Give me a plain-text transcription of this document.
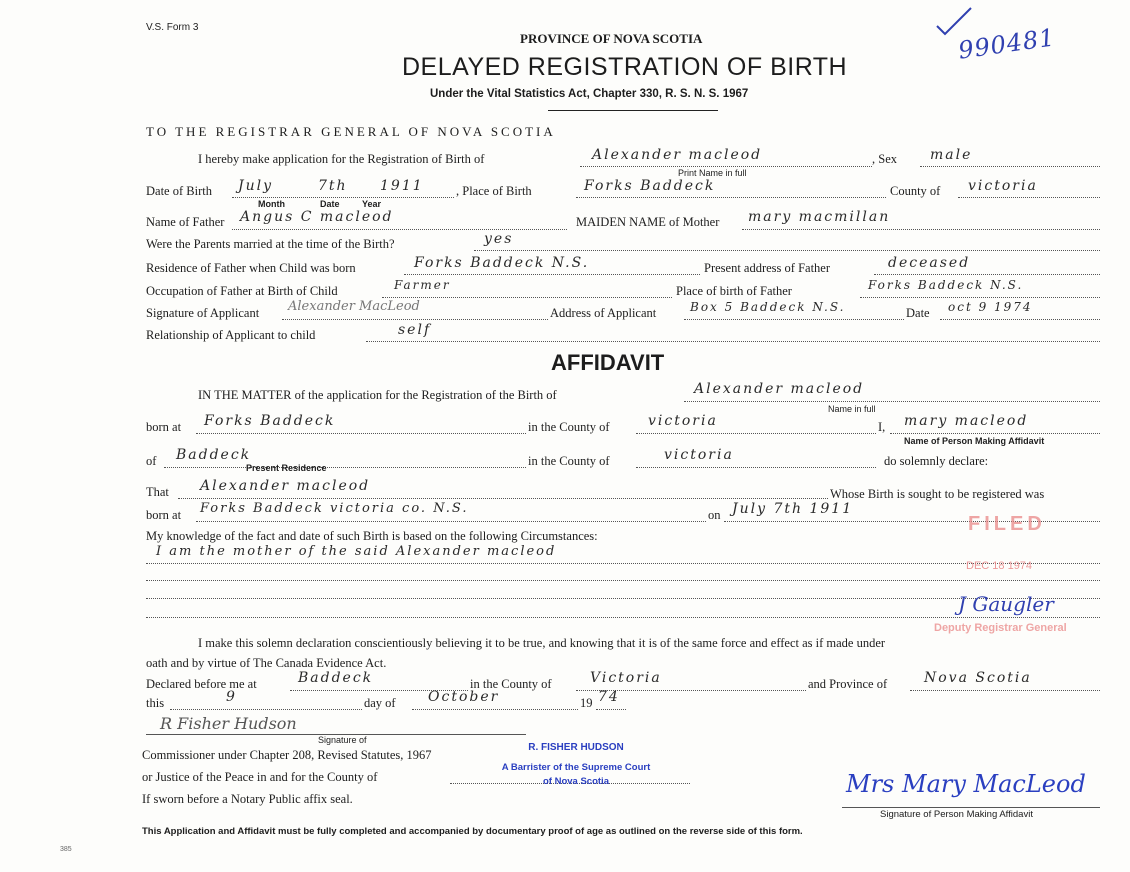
V.S. Form 3
PROVINCE OF NOVA SCOTIA
DELAYED REGISTRATION OF BIRTH
Under the Vital Statistics Act, Chapter 330, R. S. N. S. 1967
990481
TO THE REGISTRAR GENERAL OF NOVA SCOTIA
I hereby make application for the Registration of Birth of	Alexander macleod
Print Name in full
, Sex male
Date of Birth July	7th 1911
Month	Date Year
, Place of Birth	Forks Baddeck	County of victoria
Name of Father Angus C macleod	MAIDEN NAME of Mother mary macmillan
Were the Parents married at the time of the Birth?	yes
Residence of Father when Child was born	Forks Baddeck N.S.	Present address of Father	deceased
Occupation of Father at Birth of Child	Farmer	Place of birth of Father	Forks Baddeck N.S.
Signature of Applicant Alexander MacLeod	Address of Applicant	Box 5 Baddeck N.S.	Date oct 9 1974
Relationship of Applicant to child	self
AFFIDAVIT
IN THE MATTER of the application for the Registration of the Birth of	Alexander macleod
Name in full
born at Forks Baddeck	in the County of	victoria	I, mary macleod
Name of Person Making Affidavit
of Baddeck
Present Residence	in the County of	victoria	do solemnly declare:
That Alexander macleod	Whose Birth is sought to be registered was
born at Forks Baddeck victoria co. N.S.	on July 7th 1911
FILED
My knowledge of the fact and date of such Birth is based on the following Circumstances:
I am the mother of the said Alexander macleod
DEC 18 1974
J Gaugler
Deputy Registrar General
I make this solemn declaration conscientiously believing it to be true, and knowing that it is of the same force and effect as if made under
oath and by virtue of The Canada Evidence Act.
Declared before me at	Baddeck	in the County of	Victoria	and Province of	Nova Scotia
this	9	day of October	19 74
R Fisher Hudson
Signature of
Commissioner under Chapter 208, Revised Statutes, 1967
or Justice of the Peace in and for the County of
If sworn before a Notary Public affix seal.
R. FISHER HUDSON
A Barrister of the Supreme Court
of Nova Scotia	Mrs Mary MacLeod
Signature of Person Making Affidavit
This Application and Affidavit must be fully completed and accompanied by documentary proof of age as outlined on the reverse side of this form.
385
